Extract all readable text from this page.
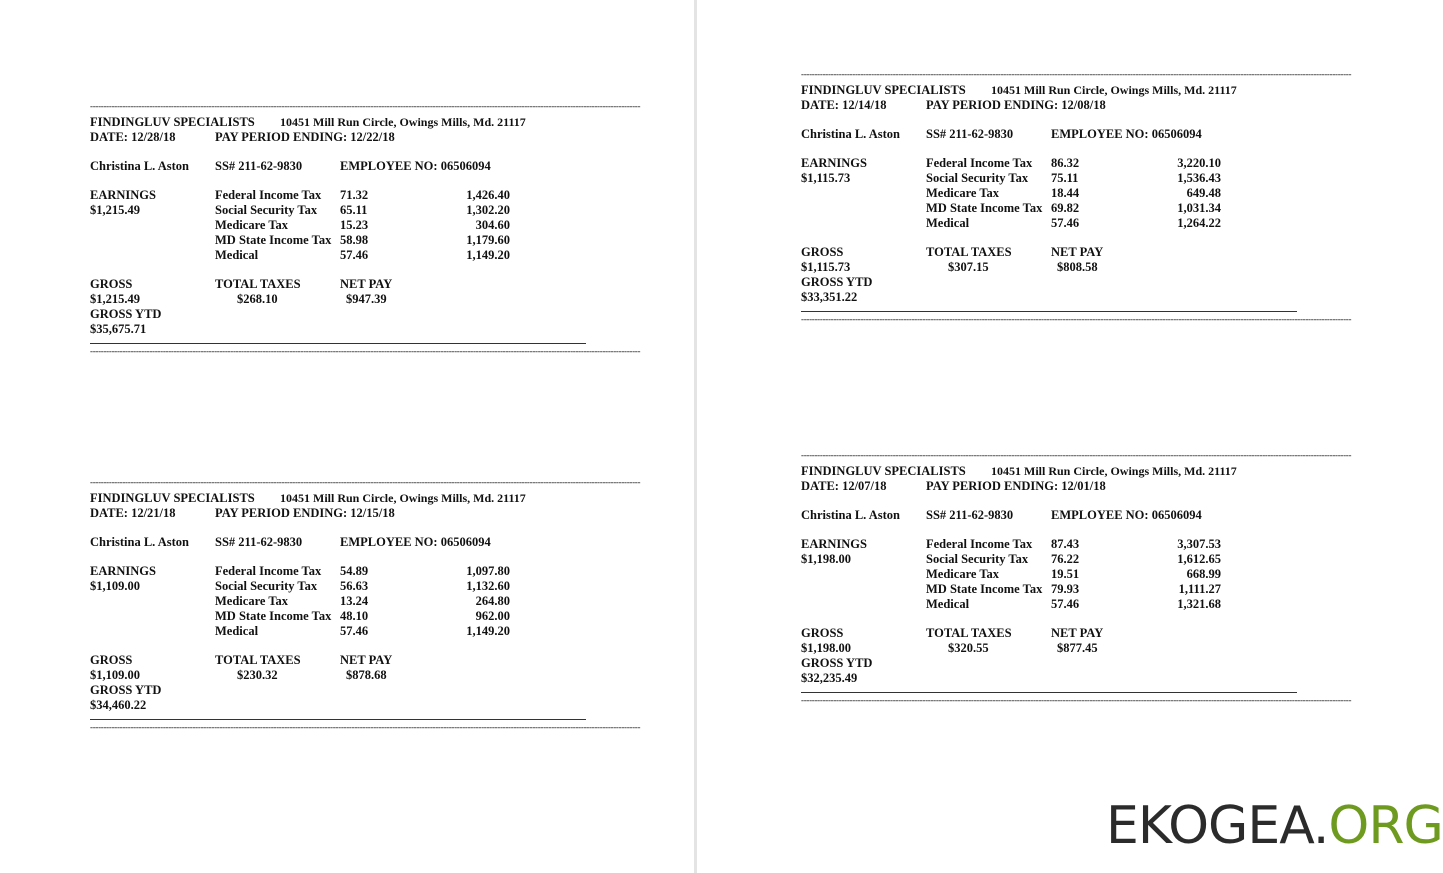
------------------------------------------------------------------------------------------------------------------------------------------------------------------------------------------------------------
FINDINGLUV SPECIALISTS 10451 Mill Run Circle, Owings Mills, Md. 21117
DATE: 12/28/18	PAY PERIOD ENDING: 12/22/18
Christina L. Aston SS# 211-62-9830	EMPLOYEE NO: 06506094
EARNINGS	Federal Income Tax 71.32	1,426.40
$1,215.49	Social Security Tax 65.11	1,302.20
Medicare Tax	15.23	304.60
MD State Income Tax 58.98	1,179.60
Medical	57.46	1,149.20
GROSS	TOTAL TAXES	NET PAY
$1,215.49	$268.10	$947.39
GROSS YTD
$35,675.71
------------------------------------------------------------------------------------------------------------------------------------------------------------------------------------------------------------
------------------------------------------------------------------------------------------------------------------------------------------------------------------------------------------------------------
FINDINGLUV SPECIALISTS 10451 Mill Run Circle, Owings Mills, Md. 21117
DATE: 12/21/18	PAY PERIOD ENDING: 12/15/18
Christina L. Aston SS# 211-62-9830	EMPLOYEE NO: 06506094
EARNINGS	Federal Income Tax 54.89	1,097.80
$1,109.00	Social Security Tax 56.63	1,132.60
Medicare Tax	13.24	264.80
MD State Income Tax 48.10	962.00
Medical	57.46	1,149.20
GROSS	TOTAL TAXES	NET PAY
$1,109.00	$230.32	$878.68
GROSS YTD
$34,460.22
------------------------------------------------------------------------------------------------------------------------------------------------------------------------------------------------------------
------------------------------------------------------------------------------------------------------------------------------------------------------------------------------------------------------------
FINDINGLUV SPECIALISTS 10451 Mill Run Circle, Owings Mills, Md. 21117
DATE: 12/14/18	PAY PERIOD ENDING: 12/08/18
Christina L. Aston SS# 211-62-9830	EMPLOYEE NO: 06506094
EARNINGS	Federal Income Tax 86.32	3,220.10
$1,115.73	Social Security Tax 75.11	1,536.43
Medicare Tax	18.44	649.48
MD State Income Tax 69.82	1,031.34
Medical	57.46	1,264.22
GROSS	TOTAL TAXES	NET PAY
$1,115.73	$307.15	$808.58
GROSS YTD
$33,351.22
------------------------------------------------------------------------------------------------------------------------------------------------------------------------------------------------------------
------------------------------------------------------------------------------------------------------------------------------------------------------------------------------------------------------------
FINDINGLUV SPECIALISTS 10451 Mill Run Circle, Owings Mills, Md. 21117
DATE: 12/07/18	PAY PERIOD ENDING: 12/01/18
Christina L. Aston SS# 211-62-9830	EMPLOYEE NO: 06506094
EARNINGS	Federal Income Tax 87.43	3,307.53
$1,198.00	Social Security Tax 76.22	1,612.65
Medicare Tax	19.51	668.99
MD State Income Tax 79.93	1,111.27
Medical	57.46	1,321.68
GROSS	TOTAL TAXES	NET PAY
$1,198.00	$320.55	$877.45
GROSS YTD
$32,235.49
------------------------------------------------------------------------------------------------------------------------------------------------------------------------------------------------------------
EKOGEA.ORG
